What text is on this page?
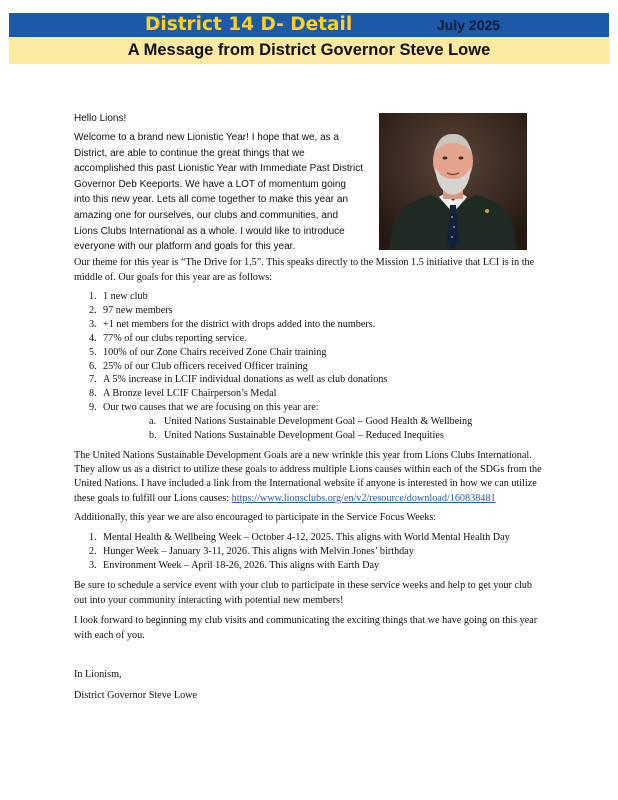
District 14 D- Detail	July 2025
A Message from District Governor Steve Lowe
Hello Lions!
Welcome to a brand new Lionistic Year! I hope that we, as a District, are able to continue the great things that we accomplished this past Lionistic Year with Immediate Past District Governor Deb Keeports. We have a LOT of momentum going into this new year. Lets all come together to make this year an amazing one for ourselves, our clubs and communities, and Lions Clubs International as a whole. I would like to introduce everyone with our platform and goals for this year.
Our theme for this year is “The Drive for 1.5”. This speaks directly to the Mission 1.5 initiative that LCI is in the middle of. Our goals for this year are as follows:
1. 1 new club
2. 97 new members
3. +1 net members for the district with drops added into the numbers.
4. 77% of our clubs reporting service.
5. 100% of our Zone Chairs received Zone Chair training
6. 25% of our Club officers received Officer training
7. A 5% increase in LCIF individual donations as well as club donations
8. A Bronze level LCIF Chairperson’s Medal
9. Our two causes that we are focusing on this year are:
a. United Nations Sustainable Development Goal – Good Health & Wellbeing
b. United Nations Sustainable Development Goal – Reduced Inequities
The United Nations Sustainable Development Goals are a new wrinkle this year from Lions Clubs International. They allow us as a district to utilize these goals to address multiple Lions causes within each of the SDGs from the United Nations. I have included a link from the International website if anyone is interested in how we can utilize these goals to fulfill our Lions causes: https://www.lionsclubs.org/en/v2/resource/download/160838481
Additionally, this year we are also encouraged to participate in the Service Focus Weeks:
1. Mental Health & Wellbeing Week – October 4-12, 2025. This aligns with World Mental Health Day
2. Hunger Week – January 3-11, 2026. This aligns with Melvin Jones’ birthday
3. Environment Week – April 18-26, 2026. This aligns with Earth Day
Be sure to schedule a service event with your club to participate in these service weeks and help to get your club out into your community interacting with potential new members!
I look forward to beginning my club visits and communicating the exciting things that we have going on this year with each of you.
In Lionism,
District Governor Steve Lowe
